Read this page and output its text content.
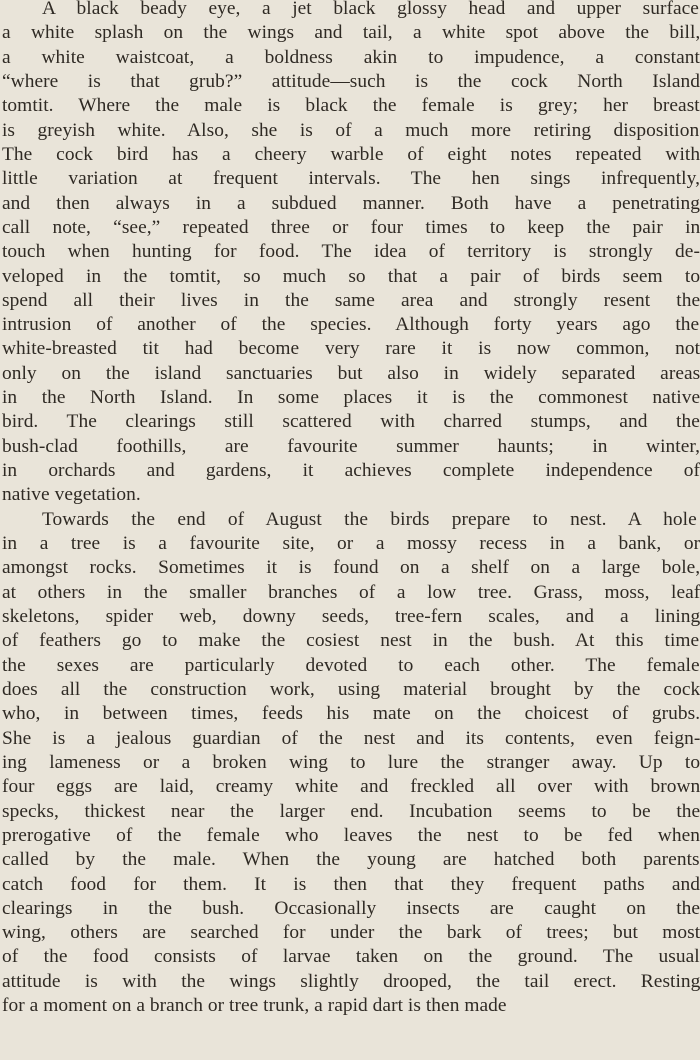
A black beady eye, a jet black glossy head and upper surface
a white splash on the wings and tail, a white spot above the bill,
a white waistcoat, a boldness akin to impudence, a constant
“where is that grub?” attitude—such is the cock North Island
tomtit. Where the male is black the female is grey; her breast
is greyish white. Also, she is of a much more retiring disposition
The cock bird has a cheery warble of eight notes repeated with
little variation at frequent intervals. The hen sings infrequently,
and then always in a subdued manner. Both have a penetrating
call note, “see,” repeated three or four times to keep the pair in
touch when hunting for food. The idea of territory is strongly de-
veloped in the tomtit, so much so that a pair of birds seem to
spend all their lives in the same area and strongly resent the
intrusion of another of the species. Although forty years ago the
white-breasted tit had become very rare it is now common, not
only on the island sanctuaries but also in widely separated areas
in the North Island. In some places it is the commonest native
bird. The clearings still scattered with charred stumps, and the
bush-clad foothills, are favourite summer haunts; in winter,
in orchards and gardens, it achieves complete independence of
native vegetation.
Towards the end of August the birds prepare to nest. A hole
in a tree is a favourite site, or a mossy recess in a bank, or
amongst rocks. Sometimes it is found on a shelf on a large bole,
at others in the smaller branches of a low tree. Grass, moss, leaf
skeletons, spider web, downy seeds, tree-fern scales, and a lining
of feathers go to make the cosiest nest in the bush. At this time
the sexes are particularly devoted to each other. The female
does all the construction work, using material brought by the cock
who, in between times, feeds his mate on the choicest of grubs.
She is a jealous guardian of the nest and its contents, even feign-
ing lameness or a broken wing to lure the stranger away. Up to
four eggs are laid, creamy white and freckled all over with brown
specks, thickest near the larger end. Incubation seems to be the
prerogative of the female who leaves the nest to be fed when
called by the male. When the young are hatched both parents
catch food for them. It is then that they frequent paths and
clearings in the bush. Occasionally insects are caught on the
wing, others are searched for under the bark of trees; but most
of the food consists of larvae taken on the ground. The usual
attitude is with the wings slightly drooped, the tail erect. Resting
for a moment on a branch or tree trunk, a rapid dart is then made
